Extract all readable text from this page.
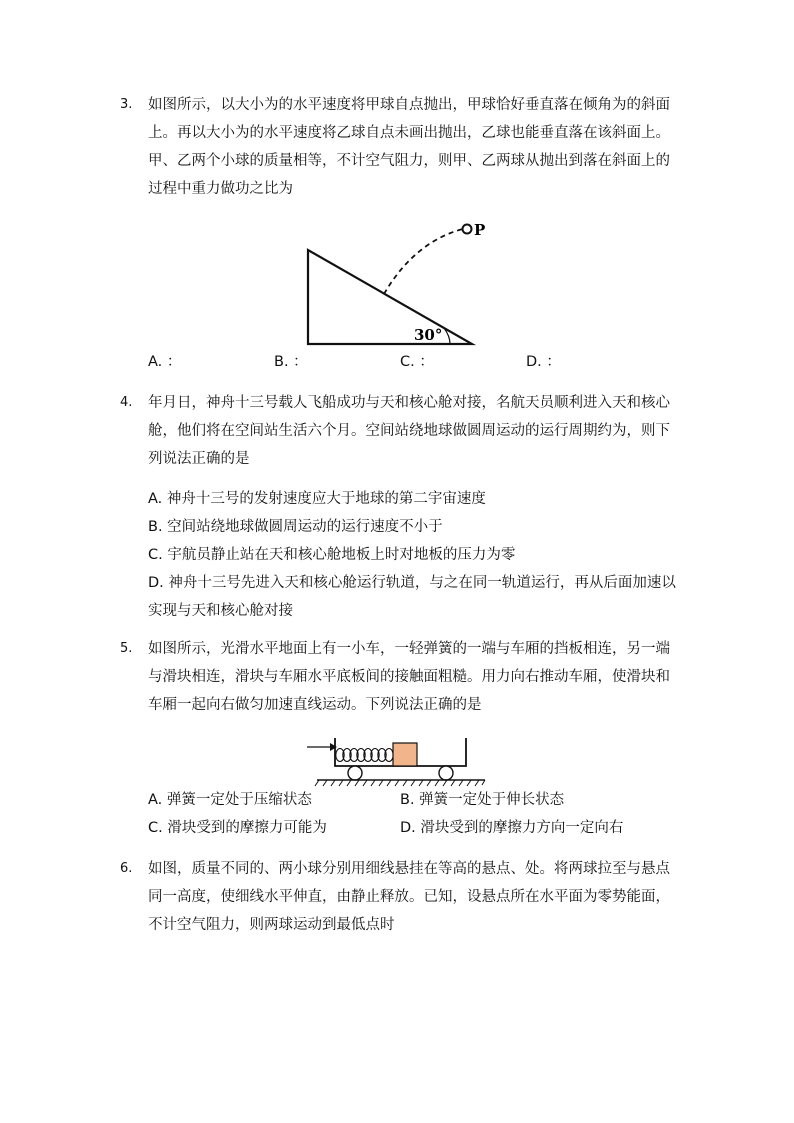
3. 如图所示，以大小为的水平速度将甲球自点抛出，甲球恰好垂直落在倾角为的斜面上。再以大小为的水平速度将乙球自点未画出抛出，乙球也能垂直落在该斜面上。甲、乙两个小球的质量相等，不计空气阻力，则甲、乙两球从抛出到落在斜面上的过程中重力做功之比为
P
30°
A. ：	B. ：	C. ：	D. ：
4. 年月日，神舟十三号载人飞船成功与天和核心舱对接，名航天员顺利进入天和核心舱，他们将在空间站生活六个月。空间站绕地球做圆周运动的运行周期约为，则下列说法正确的是
A. 神舟十三号的发射速度应大于地球的第二宇宙速度
B. 空间站绕地球做圆周运动的运行速度不小于
C. 宇航员静止站在天和核心舱地板上时对地板的压力为零
D. 神舟十三号先进入天和核心舱运行轨道，与之在同一轨道运行，再从后面加速以实现与天和核心舱对接
5. 如图所示，光滑水平地面上有一小车，一轻弹簧的一端与车厢的挡板相连，另一端与滑块相连，滑块与车厢水平底板间的接触面粗糙。用力向右推动车厢，使滑块和车厢一起向右做匀加速直线运动。下列说法正确的是
A. 弹簧一定处于压缩状态	B. 弹簧一定处于伸长状态
C. 滑块受到的摩擦力可能为	D. 滑块受到的摩擦力方向一定向右
6. 如图，质量不同的、两小球分别用细线悬挂在等高的悬点、处。将两球拉至与悬点同一高度，使细线水平伸直，由静止释放。已知，设悬点所在水平面为零势能面，不计空气阻力，则两球运动到最低点时
